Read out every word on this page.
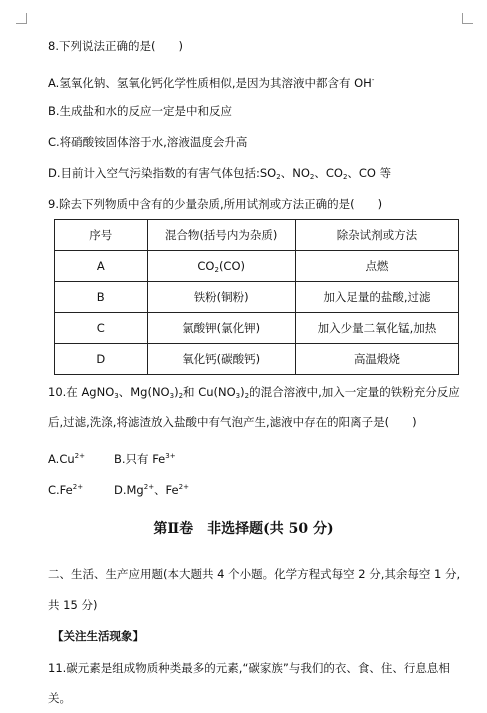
8.下列说法正确的是(　　)
A.氢氧化钠、氢氧化钙化学性质相似,是因为其溶液中都含有 OH-
B.生成盐和水的反应一定是中和反应
C.将硝酸铵固体溶于水,溶液温度会升高
D.目前计入空气污染指数的有害气体包括$:SO_2$、$NO_2$、$CO_2$、CO 等
9.除去下列物质中含有的少量杂质,所用试剂或方法正确的是(　　)
序号	混合物(括号内为杂质)	除杂试剂或方法
A	$CO_2(CO)$	点燃
B	铁粉(铜粉)	加入足量的盐酸,过滤
C	氯酸钾(氯化钾)	加入少量二氧化锰,加热
D	氧化钙(碳酸钙)	高温煅烧
10.在 AgNO$_3$、$Mg(NO_3)_2$和 $Cu(NO_3)_2$的混合溶液中,加入一定量的铁粉充分反应
后,过滤,洗涤,将滤渣放入盐酸中有气泡产生,滤液中存在的阳离子是(　　)
$A.Cu^{2+}$	B.只有 $Fe^{3+}$
$C.Fe^{2+}$	$D.Mg^{2+}$、$Fe^{2+}$
第Ⅱ卷　非选择题(共 50 分)
二、生活、生产应用题(本大题共 4 个小题。化学方程式每空 2 分,其余每空 1 分,
共 15 分)
【关注生活现象】
11.碳元素是组成物质种类最多的元素,“碳家族”与我们的衣、食、住、行息息相
关。
